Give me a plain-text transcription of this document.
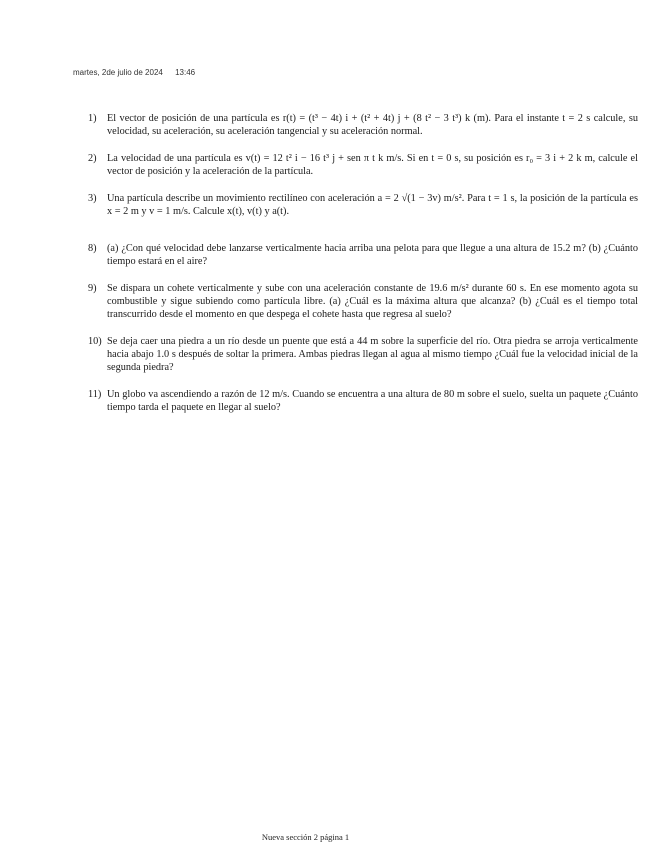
martes, 2de julio de 2024 13:46
1)	El vector de posición de una partícula es r(t) = (t³ − 4t) i + (t² + 4t) j + (8 t² − 3 t³) k (m). Para el instante t = 2 s calcule, su velocidad, su aceleración, su aceleración tangencial y su aceleración normal.
2)	La velocidad de una partícula es v(t) = 12 t² i − 16 t³ j + sen π t k m/s. Si en t = 0 s, su posición es r₀ = 3 i + 2 k m, calcule el vector de posición y la aceleración de la partícula.
3)	Una partícula describe un movimiento rectilíneo con aceleración a = 2 √(1 − 3v) m/s². Para t = 1 s, la posición de la partícula es x = 2 m y v = 1 m/s. Calcule x(t), v(t) y a(t).
8)	(a) ¿Con qué velocidad debe lanzarse verticalmente hacia arriba una pelota para que llegue a una altura de 15.2 m? (b) ¿Cuánto tiempo estará en el aire?
9)	Se dispara un cohete verticalmente y sube con una aceleración constante de 19.6 m/s² durante 60 s. En ese momento agota su combustible y sigue subiendo como partícula libre. (a) ¿Cuál es la máxima altura que alcanza? (b) ¿Cuál es el tiempo total transcurrido desde el momento en que despega el cohete hasta que regresa al suelo?
10) Se deja caer una piedra a un río desde un puente que está a 44 m sobre la superficie del río. Otra piedra se arroja verticalmente hacia abajo 1.0 s después de soltar la primera. Ambas piedras llegan al agua al mismo tiempo ¿Cuál fue la velocidad inicial de la segunda piedra?
11) Un globo va ascendiendo a razón de 12 m/s. Cuando se encuentra a una altura de 80 m sobre el suelo, suelta un paquete ¿Cuánto tiempo tarda el paquete en llegar al suelo?
Nueva sección 2 página 1
